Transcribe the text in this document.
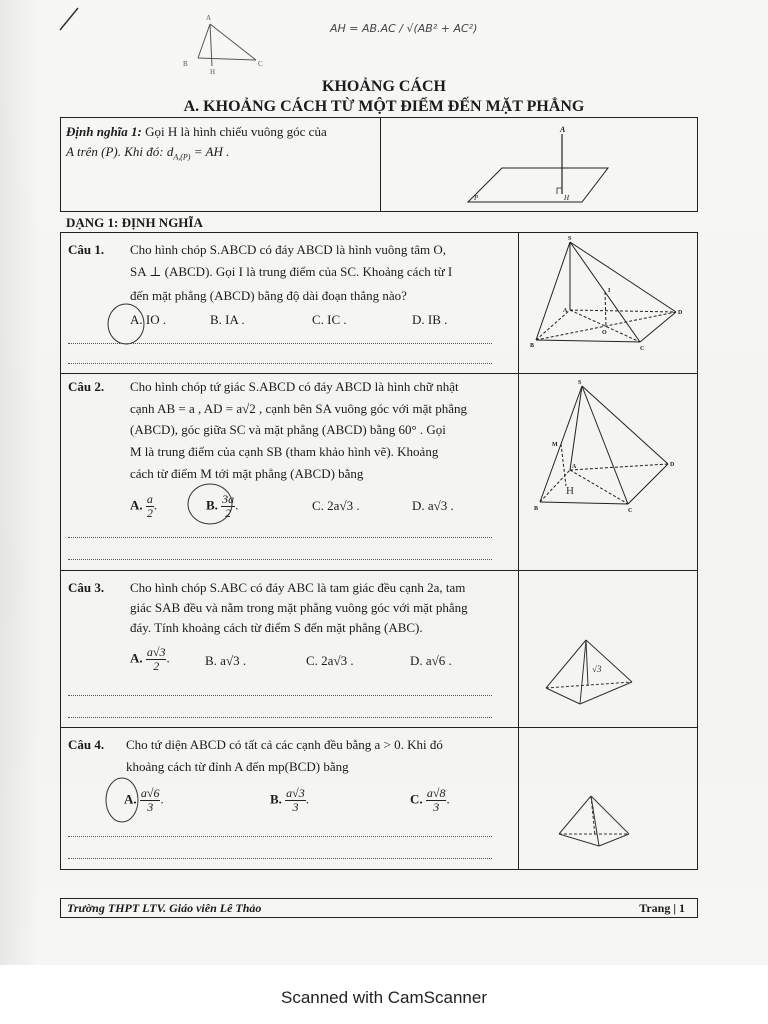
A
B	C
H
AH = AB.AC / √(AB² + AC²)
KHOẢNG CÁCH
A. KHOẢNG CÁCH TỪ MỘT ĐIỂM ĐẾN MẶT PHẲNG
Định nghĩa 1: Gọi H là hình chiếu vuông góc của
A trên (P). Khi đó: $d_{A,(P)}$ = AH .
A
P	H
DẠNG 1: ĐỊNH NGHĨA
Câu 1. Cho hình chóp S.ABCD có đáy ABCD là hình vuông tâm O,
SA ⊥ (ABCD). Gọi I là trung điểm của SC. Khoảng cách từ I
đến mặt phẳng (ABCD) bằng độ dài đoạn thẳng nào?
A. IO .	B. IA .	C. IC .	D. IB .
S
I
A
B	C
D
O
Câu 2. Cho hình chóp tứ giác S.ABCD có đáy ABCD là hình chữ nhật
cạnh AB = a , AD = a√2 , cạnh bên SA vuông góc với mặt phẳng
(ABCD), góc giữa SC và mặt phẳng (ABCD) bằng 60° . Gọi
M là trung điểm của cạnh SB (tham khảo hình vẽ). Khoảng
cách từ điểm M tới mặt phẳng (ABCD) bằng
A. $\frac{a}{2}$ .	B. $\frac{3a}{2}$ .	C. 2a√3 .	D. a√3 .
S
M
A
B	C
D
H
Câu 3. Cho hình chóp S.ABC có đáy ABC là tam giác đều cạnh 2a, tam
giác SAB đều và nằm trong mặt phẳng vuông góc với mặt phẳng
đáy. Tính khoảng cách từ điểm S đến mặt phẳng (ABC).
A. $\frac{a√3}{2}$ .	B. a√3 .	C. 2a√3 .	D. a√6 .
√3
Câu 4. Cho tứ diện ABCD có tất cả các cạnh đều bằng a > 0. Khi đó
khoảng cách từ đỉnh A đến mp(BCD) bằng
A. $\frac{a√6}{3}$ .	B. $\frac{a√3}{3}$ .	C. $\frac{a√8}{3}$ .
Trường THPT LTV. Giáo viên Lê Thảo	Trang | 1
Scanned with CamScanner
